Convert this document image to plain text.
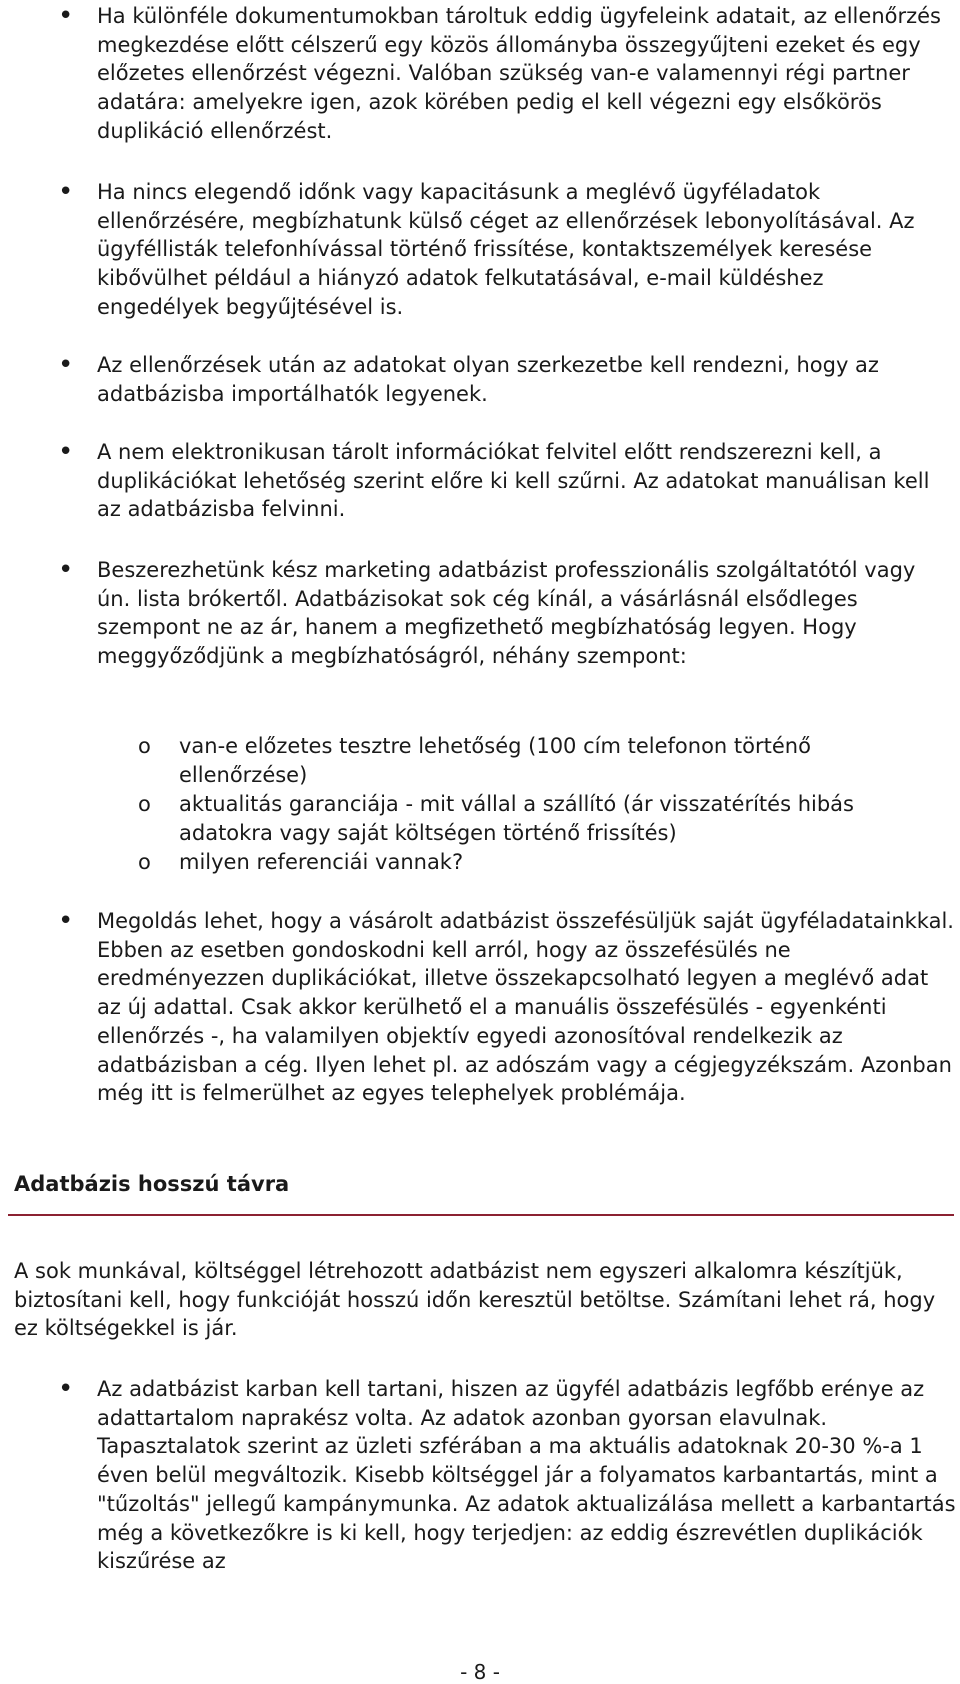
• Ha különféle dokumentumokban tároltuk eddig ügyfeleink adatait, az ellenőrzés megkezdése előtt célszerű egy közös állományba összegyűjteni ezeket és egy előzetes ellenőrzést végezni. Valóban szükség van-e valamennyi régi partner adatára: amelyekre igen, azok körében pedig el kell végezni egy elsőkörös duplikáció ellenőrzést.
• Ha nincs elegendő időnk vagy kapacitásunk a meglévő ügyféladatok ellenőrzésére, megbízhatunk külső céget az ellenőrzések lebonyolításával. Az ügyféllisták telefonhívással történő frissítése, kontaktszemélyek keresése kibővülhet például a hiányzó adatok felkutatásával, e-mail küldéshez engedélyek begyűjtésével is.
• Az ellenőrzések után az adatokat olyan szerkezetbe kell rendezni, hogy az adatbázisba importálhatók legyenek.
• A nem elektronikusan tárolt információkat felvitel előtt rendszerezni kell, a duplikációkat lehetőség szerint előre ki kell szűrni. Az adatokat manuálisan kell az adatbázisba felvinni.
• Beszerezhetünk kész marketing adatbázist professzionális szolgáltatótól vagy ún. lista brókertől. Adatbázisokat sok cég kínál, a vásárlásnál elsődleges szempont ne az ár, hanem a megfizethető megbízhatóság legyen. Hogy meggyőződjünk a megbízhatóságról, néhány szempont:
o van-e előzetes tesztre lehetőség (100 cím telefonon történő ellenőrzése)
o aktualitás garanciája - mit vállal a szállító (ár visszatérítés hibás adatokra vagy saját költségen történő frissítés)
o milyen referenciái vannak?
• Megoldás lehet, hogy a vásárolt adatbázist összefésüljük saját ügyféladatainkkal. Ebben az esetben gondoskodni kell arról, hogy az összefésülés ne eredményezzen duplikációkat, illetve összekapcsolható legyen a meglévő adat az új adattal. Csak akkor kerülhető el a manuális összefésülés - egyenkénti ellenőrzés -, ha valamilyen objektív egyedi azonosítóval rendelkezik az adatbázisban a cég. Ilyen lehet pl. az adószám vagy a cégjegyzékszám. Azonban még itt is felmerülhet az egyes telephelyek problémája.
Adatbázis hosszú távra
A sok munkával, költséggel létrehozott adatbázist nem egyszeri alkalomra készítjük, biztosítani kell, hogy funkcióját hosszú időn keresztül betöltse. Számítani lehet rá, hogy ez költségekkel is jár.
• Az adatbázist karban kell tartani, hiszen az ügyfél adatbázis legfőbb erénye az adattartalom naprakész volta. Az adatok azonban gyorsan elavulnak. Tapasztalatok szerint az üzleti szférában a ma aktuális adatoknak 20-30 %-a 1 éven belül megváltozik. Kisebb költséggel jár a folyamatos karbantartás, mint a "tűzoltás" jellegű kampánymunka. Az adatok aktualizálása mellett a karbantartás még a következőkre is ki kell, hogy terjedjen: az eddig észrevétlen duplikációk kiszűrése az
- 8 -
